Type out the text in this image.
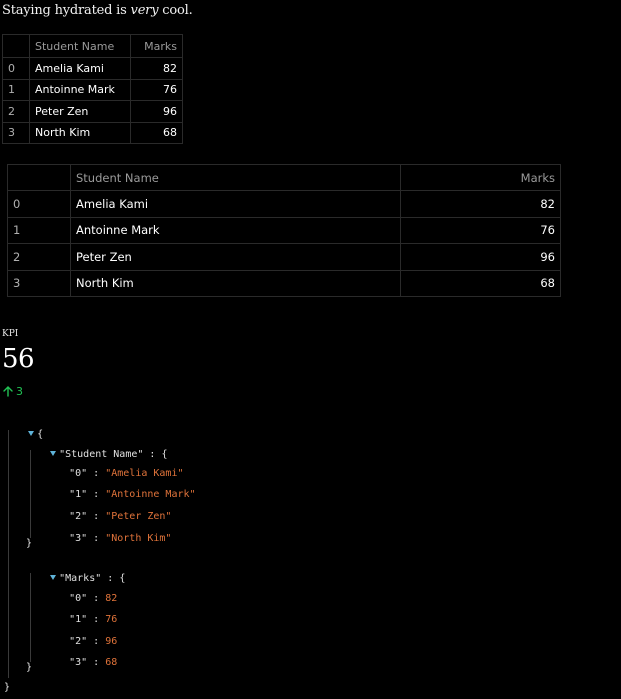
Staying hydrated is very cool.
	Student Name	Marks
0	Amelia Kami	82
1	Antoinne Mark	76
2	Peter Zen	96
3	North Kim	68
	Student Name	Marks
0	Amelia Kami	82
1	Antoinne Mark	76
2	Peter Zen	96
3	North Kim	68
KPI
56
3

{

"Student Name" : {

"0" : "Amelia Kami"

"1" : "Antoinne Mark"

"2" : "Peter Zen"

"3" : "North Kim"

}

"Marks" : {

"0" : 82

"1" : 76

"2" : 96

"3" : 68

}
}
